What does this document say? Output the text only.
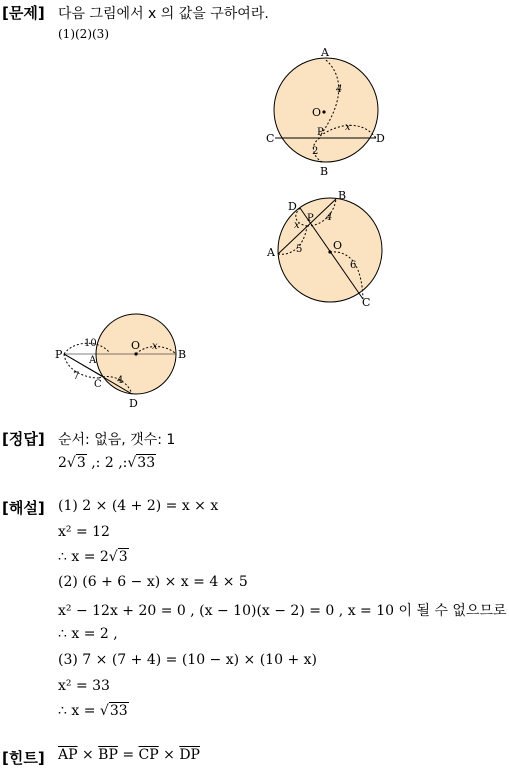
[문제] 다음 그림에서 x 의 값을 구하여라.
(1)(2)(3)
A
O
4
C	D
P x
2
B
B
D
P
x
4
A
O
5
6
C
P
10	O x
B
A
7
C 4
D
[정답] 순서: 없음, 갯수: 1
2√3 ,: 2 ,:√33
[해설] (1) 2 × (4 + 2) = x × x
x² = 12
∴ x = 2√3
(2) (6 + 6 − x) × x = 4 × 5
x² − 12x + 20 = 0 , (x − 10)(x − 2) = 0 , x = 10 이 될 수 없으므로
∴ x = 2 ,
(3) 7 × (7 + 4) = (10 − x) × (10 + x)
x² = 33
∴ x = √33
[힌트] $\overline{AP} \times \overline{BP} = \overline{CP} \times \overline{DP}$
